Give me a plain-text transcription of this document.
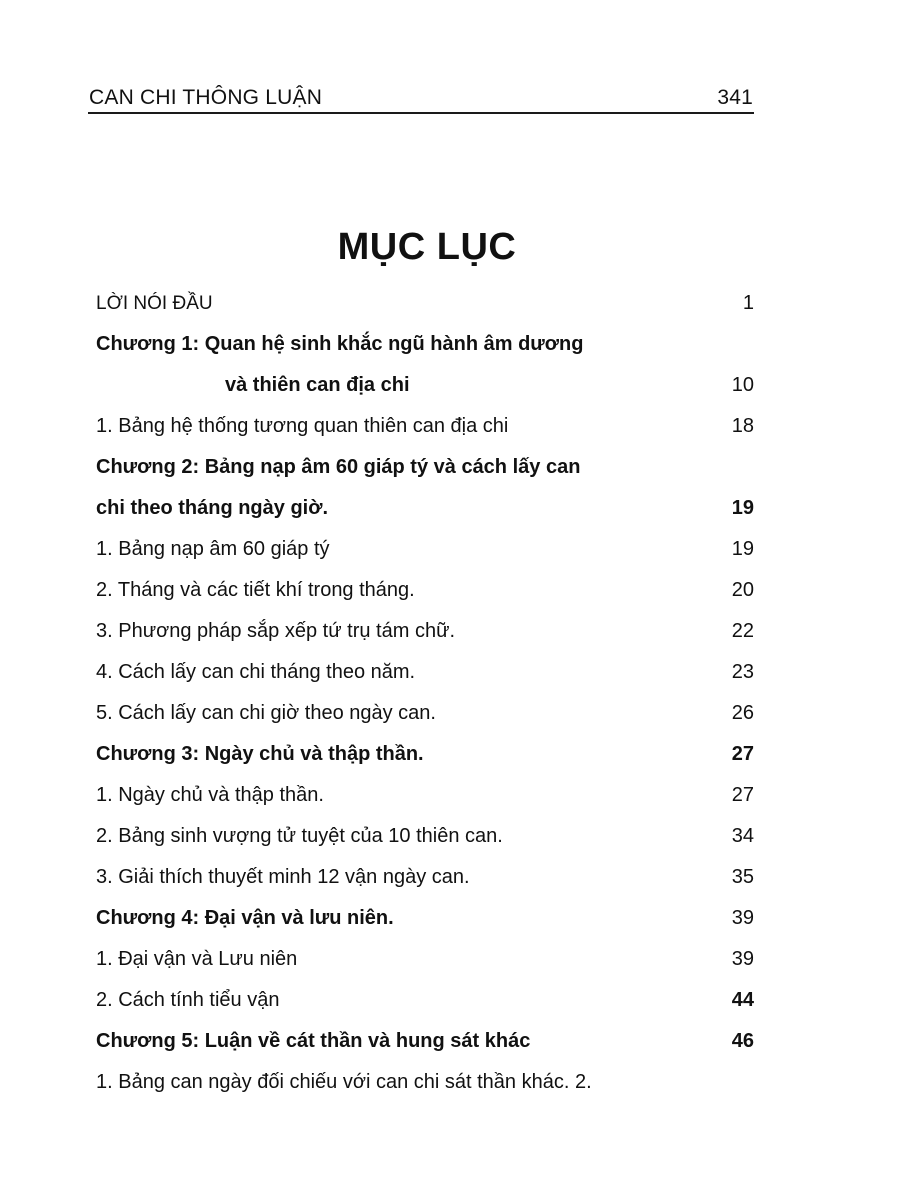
CAN CHI THÔNG LUẬN	341
MỤC LỤC
LỜI NÓI ĐẦU	1
Chương 1: Quan hệ sinh khắc ngũ hành âm dương
và thiên can địa chi	10
1. Bảng hệ thống tương quan thiên can địa chi	18
Chương 2: Bảng nạp âm 60 giáp tý và cách lấy can
chi theo tháng ngày giờ.	19
1. Bảng nạp âm 60 giáp tý	19
2. Tháng và các tiết khí trong tháng.	20
3. Phương pháp sắp xếp tứ trụ tám chữ.	22
4. Cách lấy can chi tháng theo năm.	23
5. Cách lấy can chi giờ theo ngày can.	26
Chương 3: Ngày chủ và thập thần.	27
1. Ngày chủ và thập thần.	27
2. Bảng sinh vượng tử tuyệt của 10 thiên can.	34
3. Giải thích thuyết minh 12 vận ngày can.	35
Chương 4: Đại vận và lưu niên.	39
1. Đại vận và Lưu niên	39
2. Cách tính tiểu vận	44
Chương 5: Luận về cát thần và hung sát khác	46
1. Bảng can ngày đối chiếu với can chi sát thần khác. 2.
